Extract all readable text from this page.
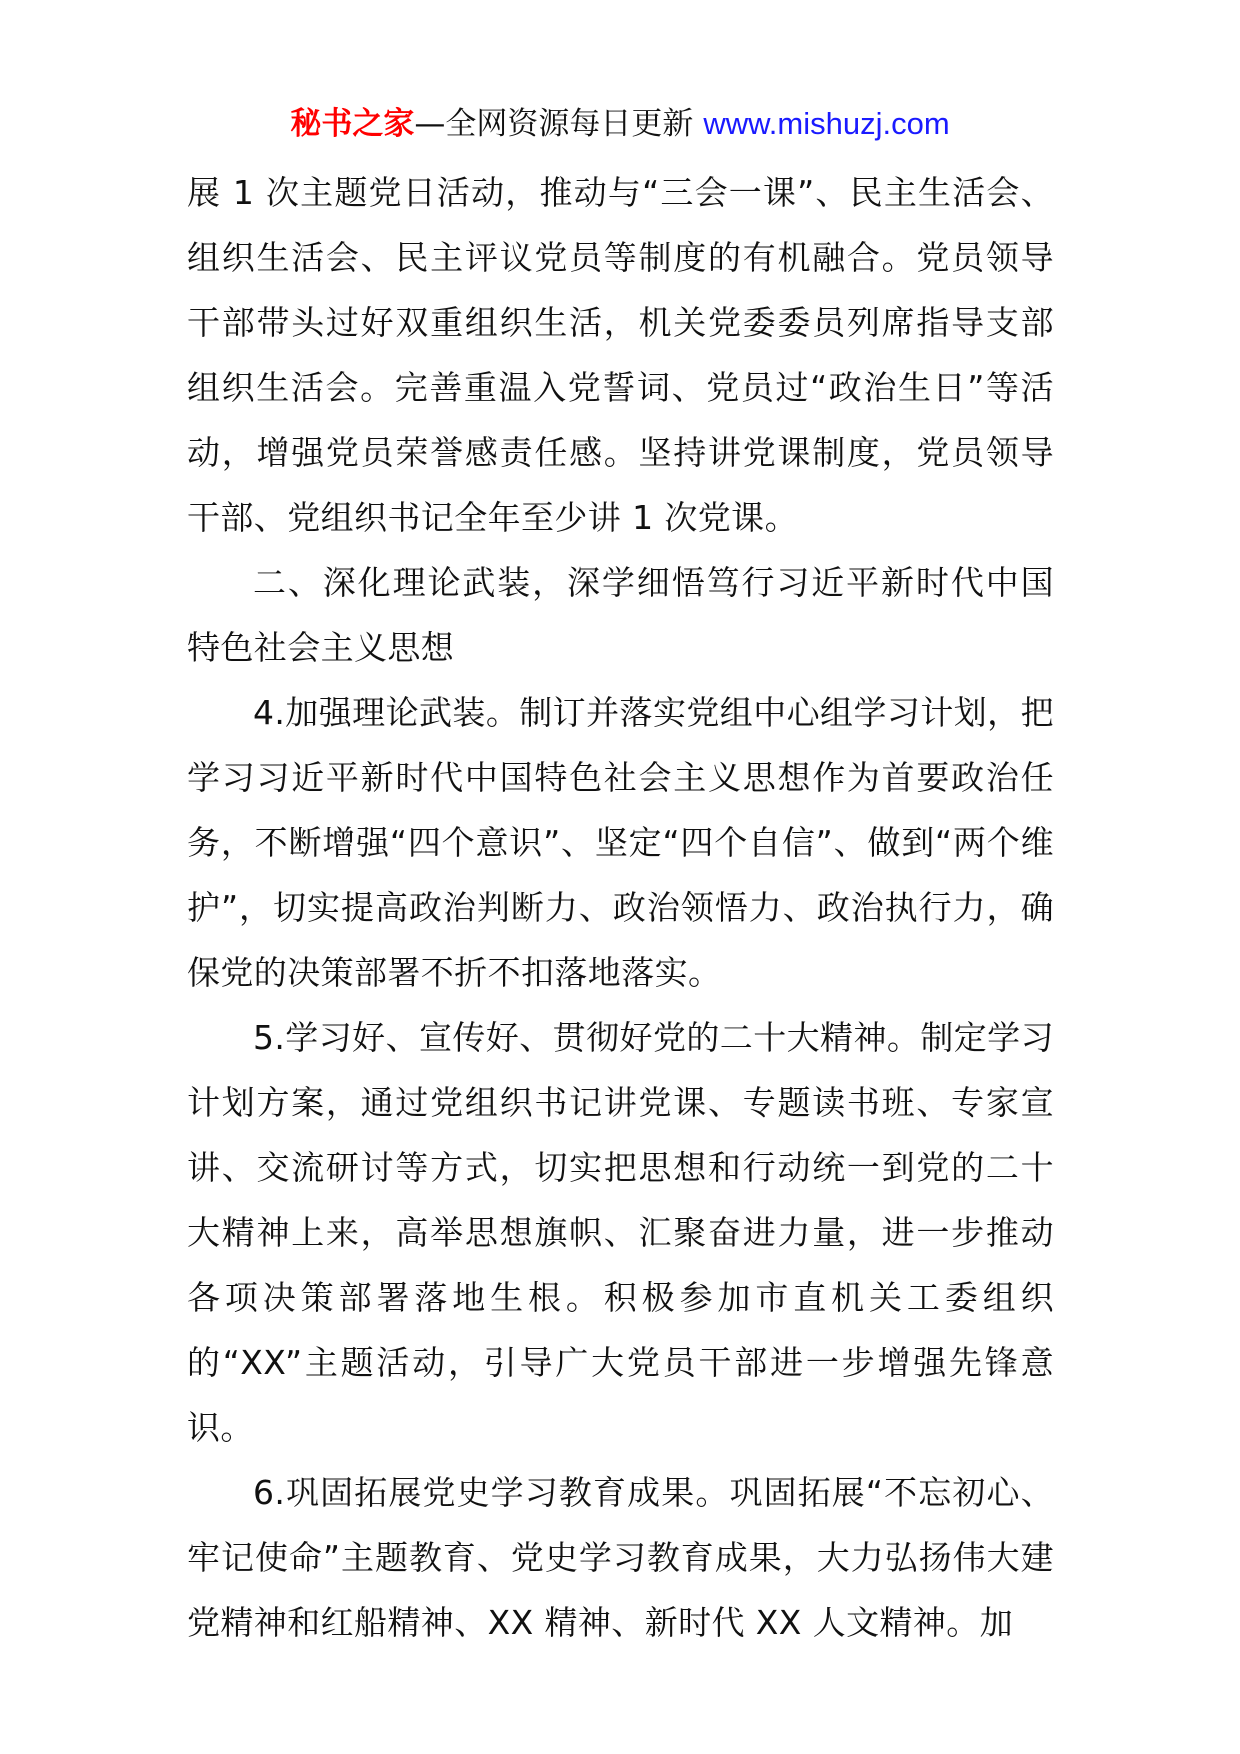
秘书之家—全网资源每日更新 www.mishuzj.com

展 1 次主题党日活动，推动与“三会一课”、民主生活会、组织生活会、民主评议党员等制度的有机融合。党员领导干部带头过好双重组织生活，机关党委委员列席指导支部组织生活会。完善重温入党誓词、党员过“政治生日”等活动，增强党员荣誉感责任感。坚持讲党课制度，党员领导干部、党组织书记全年至少讲 1 次党课。

二、深化理论武装，深学细悟笃行习近平新时代中国特色社会主义思想

4.加强理论武装。制订并落实党组中心组学习计划，把学习习近平新时代中国特色社会主义思想作为首要政治任务，不断增强“四个意识”、坚定“四个自信”、做到“两个维护”，切实提高政治判断力、政治领悟力、政治执行力，确保党的决策部署不折不扣落地落实。

5.学习好、宣传好、贯彻好党的二十大精神。制定学习计划方案，通过党组织书记讲党课、专题读书班、专家宣讲、交流研讨等方式，切实把思想和行动统一到党的二十大精神上来，高举思想旗帜、汇聚奋进力量，进一步推动各项决策部署落地生根。积极参加市直机关工委组织的“XX”主题活动，引导广大党员干部进一步增强先锋意识。

6.巩固拓展党史学习教育成果。巩固拓展“不忘初心、牢记使命”主题教育、党史学习教育成果，大力弘扬伟大建党精神和红船精神、XX 精神、新时代 XX 人文精神。加
